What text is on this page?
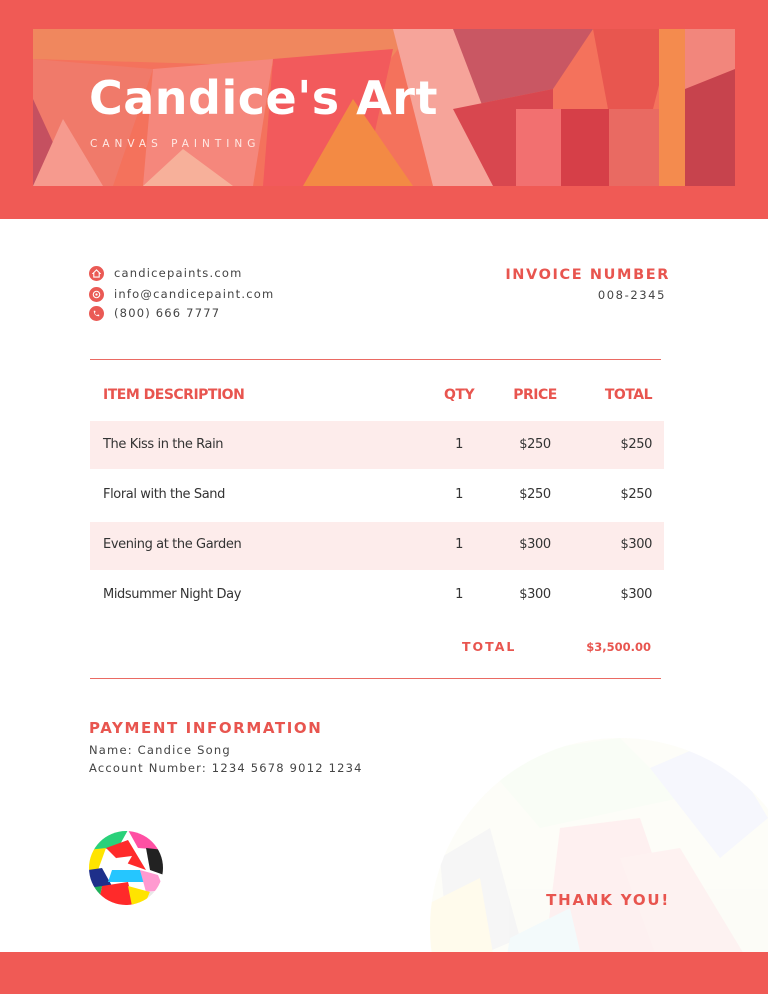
Candice's Art
CANVAS PAINTING
candicepaints.com
info@candicepaint.com
(800) 666 7777
INVOICE NUMBER
008-2345
ITEM DESCRIPTION	QTY	PRICE	TOTAL
The Kiss in the Rain	1	$250	$250
Floral with the Sand	1	$250	$250
Evening at the Garden	1	$300	$300
Midsummer Night Day	1	$300	$300
TOTAL	$3,500.00
PAYMENT INFORMATION
Name: Candice Song
Account Number: 1234 5678 9012 1234
THANK YOU!
